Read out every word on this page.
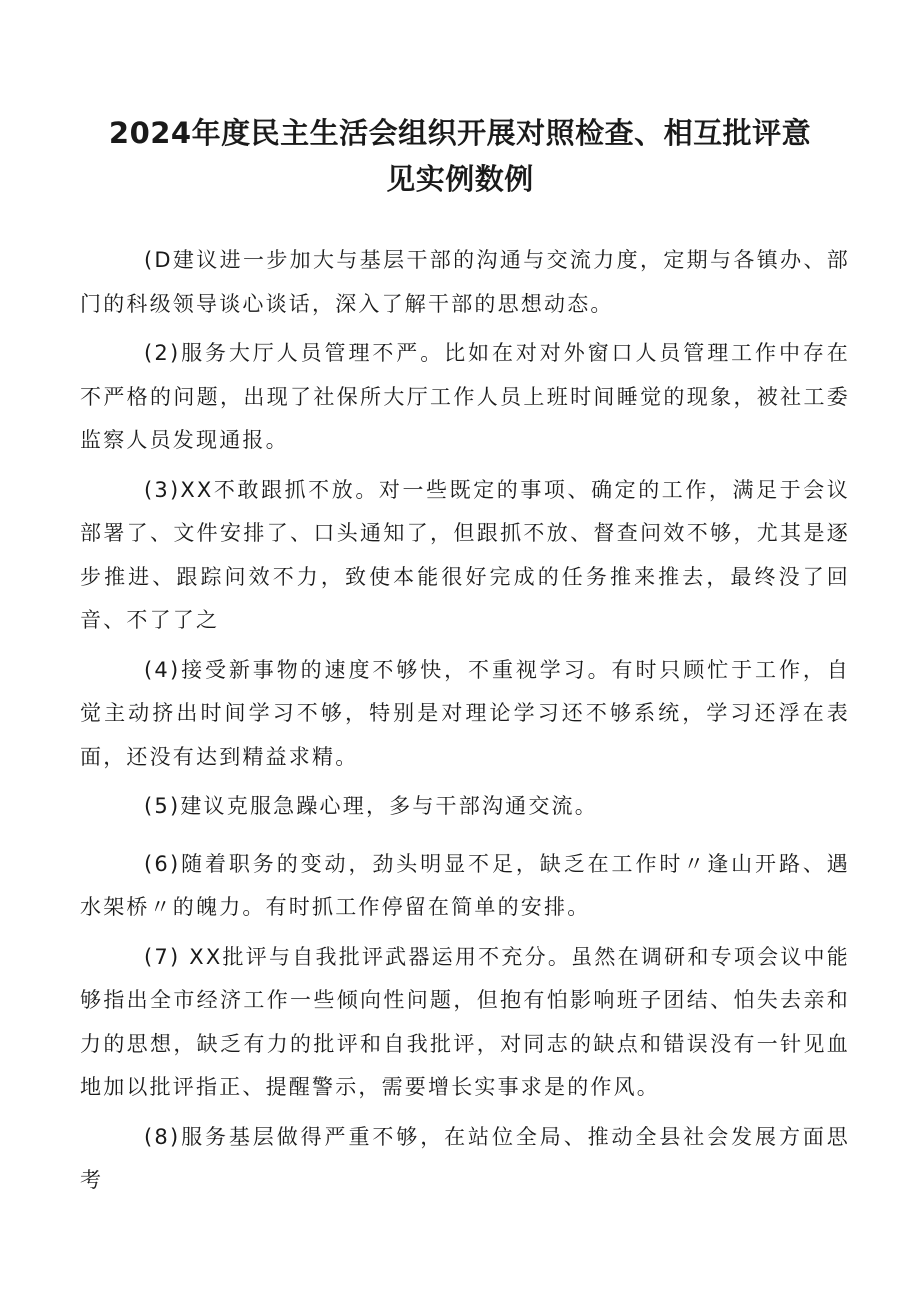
2024年度民主生活会组织开展对照检查、相互批评意
见实例数例

(D建议进一步加大与基层干部的沟通与交流力度，定期与各镇办、部门的科级领导谈心谈话，深入了解干部的思想动态。

(2)服务大厅人员管理不严。比如在对对外窗口人员管理工作中存在不严格的问题，出现了社保所大厅工作人员上班时间睡觉的现象，被社工委监察人员发现通报。

(3)XX不敢跟抓不放。对一些既定的事项、确定的工作，满足于会议部署了、文件安排了、口头通知了，但跟抓不放、督查问效不够，尤其是逐步推进、跟踪问效不力，致使本能很好完成的任务推来推去，最终没了回音、不了了之

(4)接受新事物的速度不够快，不重视学习。有时只顾忙于工作，自觉主动挤出时间学习不够，特别是对理论学习还不够系统，学习还浮在表面，还没有达到精益求精。

(5)建议克服急躁心理，多与干部沟通交流。

(6)随着职务的变动，劲头明显不足，缺乏在工作时〃逢山开路、遇水架桥〃的魄力。有时抓工作停留在简单的安排。

(7) XX批评与自我批评武器运用不充分。虽然在调研和专项会议中能够指出全市经济工作一些倾向性问题，但抱有怕影响班子团结、怕失去亲和力的思想，缺乏有力的批评和自我批评，对同志的缺点和错误没有一针见血地加以批评指正、提醒警示，需要增长实事求是的作风。

(8)服务基层做得严重不够，在站位全局、推动全县社会发展方面思考
